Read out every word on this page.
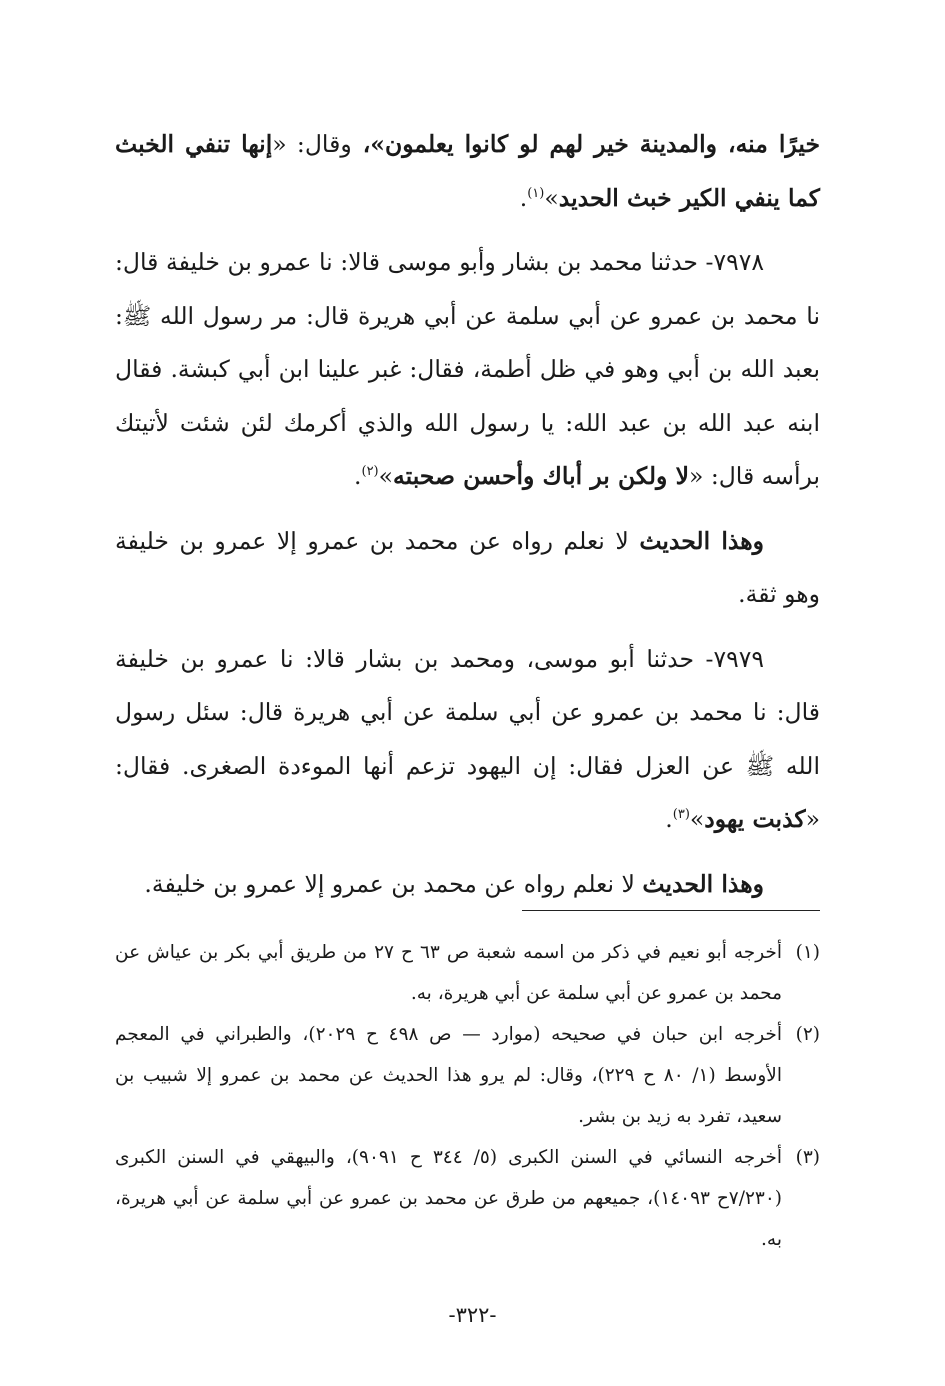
خيرًا منه، والمدينة خير لهم لو كانوا يعلمون»، وقال: «إنها تنفي الخبث كما ينفي الكير خبث الحديد»$^{(١)}$.

٧٩٧٨- حدثنا محمد بن بشار وأبو موسى قالا: نا عمرو بن خليفة قال: نا محمد بن عمرو عن أبي سلمة عن أبي هريرة قال: مر رسول الله ﷺ: بعبد الله بن أبي وهو في ظل أطمة، فقال: غبر علينا ابن أبي كبشة. فقال ابنه عبد الله بن عبد الله: يا رسول الله والذي أكرمك لئن شئت لأتيتك برأسه قال: «لا ولكن بر أباك وأحسن صحبته»$^{(٢)}$.

وهذا الحديث لا نعلم رواه عن محمد بن عمرو إلا عمرو بن خليفة وهو ثقة.

٧٩٧٩- حدثنا أبو موسى، ومحمد بن بشار قالا: نا عمرو بن خليفة قال: نا محمد بن عمرو عن أبي سلمة عن أبي هريرة قال: سئل رسول الله ﷺ عن العزل فقال: إن اليهود تزعم أنها الموءدة الصغرى. فقال: «كذبت يهود»$^{(٣)}$.

وهذا الحديث لا نعلم رواه عن محمد بن عمرو إلا عمرو بن خليفة.

(١)
أخرجه أبو نعيم في ذكر من اسمه شعبة ص ٦٣ ح ٢٧ من طريق أبي بكر بن عياش عن محمد بن عمرو عن أبي سلمة عن أبي هريرة، به.

(٢)
أخرجه ابن حبان في صحيحه (موارد — ص ٤٩٨ ح ٢٠٢٩)، والطبراني في المعجم الأوسط (١/ ٨٠ ح ٢٢٩)، وقال: لم يرو هذا الحديث عن محمد بن عمرو إلا شبيب بن سعيد، تفرد به زيد بن بشر.

(٣)
أخرجه النسائي في السنن الكبرى (٥/ ٣٤٤ ح ٩٠٩١)، والبيهقي في السنن الكبرى (٧/٢٣٠ح ١٤٠٩٣)، جميعهم من طرق عن محمد بن عمرو عن أبي سلمة عن أبي هريرة، به.

-٣٢٢-
